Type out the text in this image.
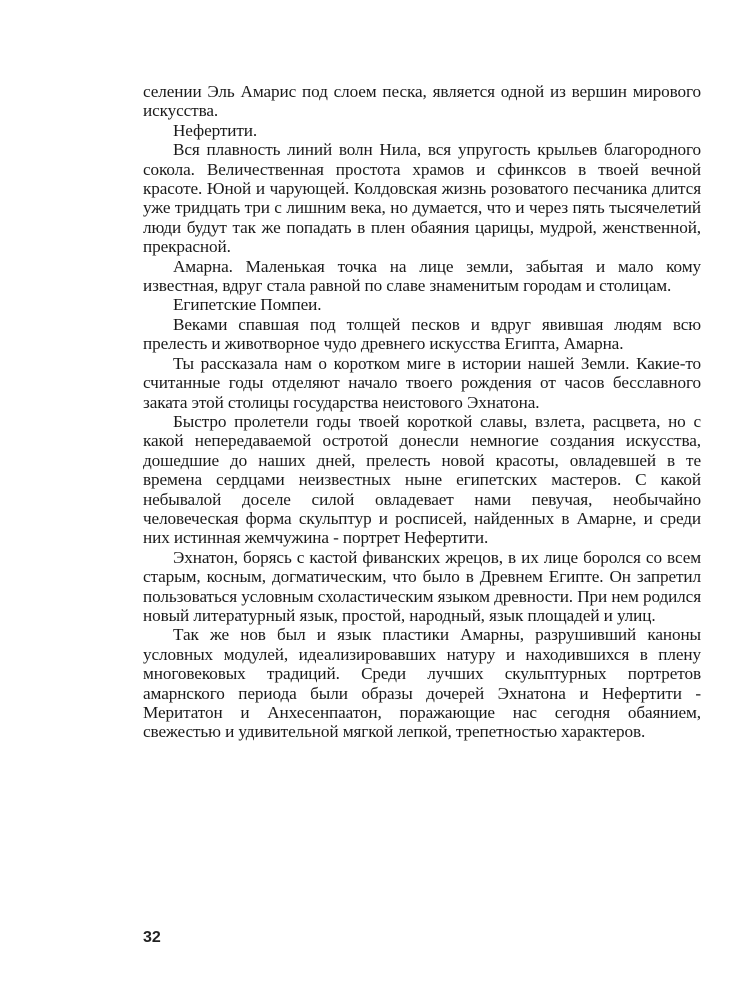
селении Эль Амарис под слоем песка, является одной из вершин мирового искусства.

Нефертити.

Вся плавность линий волн Нила, вся упругость крыльев благородного сокола. Величественная простота храмов и сфинксов в твоей вечной красоте. Юной и чарующей. Колдовская жизнь розоватого песчаника длится уже тридцать три с лишним века, но думается, что и через пять тысячелетий люди будут так же попадать в плен обаяния царицы, мудрой, женственной, прекрасной.

Амарна. Маленькая точка на лице земли, забытая и мало кому известная, вдруг стала равной по славе знаменитым городам и столицам.

Египетские Помпеи.

Веками спавшая под толщей песков и вдруг явившая людям всю прелесть и животворное чудо древнего искусства Египта, Амарна.

Ты рассказала нам о коротком миге в истории нашей Земли. Какие-то считанные годы отделяют начало твоего рождения от часов бесславного заката этой столицы государства неистового Эхнатона.

Быстро пролетели годы твоей короткой славы, взлета, расцвета, но с какой непередаваемой остротой донесли немногие создания искусства, дошедшие до наших дней, прелесть новой красоты, овладевшей в те времена сердцами неизвестных ныне египетских мастеров. С какой небывалой доселе силой овладевает нами певучая, необычайно человеческая форма скульптур и росписей, найденных в Амарне, и среди них истинная жемчужина - портрет Нефертити.

Эхнатон, борясь с кастой фиванских жрецов, в их лице боролся со всем старым, косным, догматическим, что было в Древнем Египте. Он запретил пользоваться условным схоластическим языком древности. При нем родился новый литературный язык, простой, народный, язык площадей и улиц.

Так же нов был и язык пластики Амарны, разрушивший каноны условных модулей, идеализировавших натуру и находившихся в плену многовековых традиций. Среди лучших скульптурных портретов амарнского периода были образы дочерей Эхнатона и Нефертити - Меритатон и Анхесенпаатон, поражающие нас сегодня обаянием, свежестью и удивительной мягкой лепкой, трепетностью характеров.

32
